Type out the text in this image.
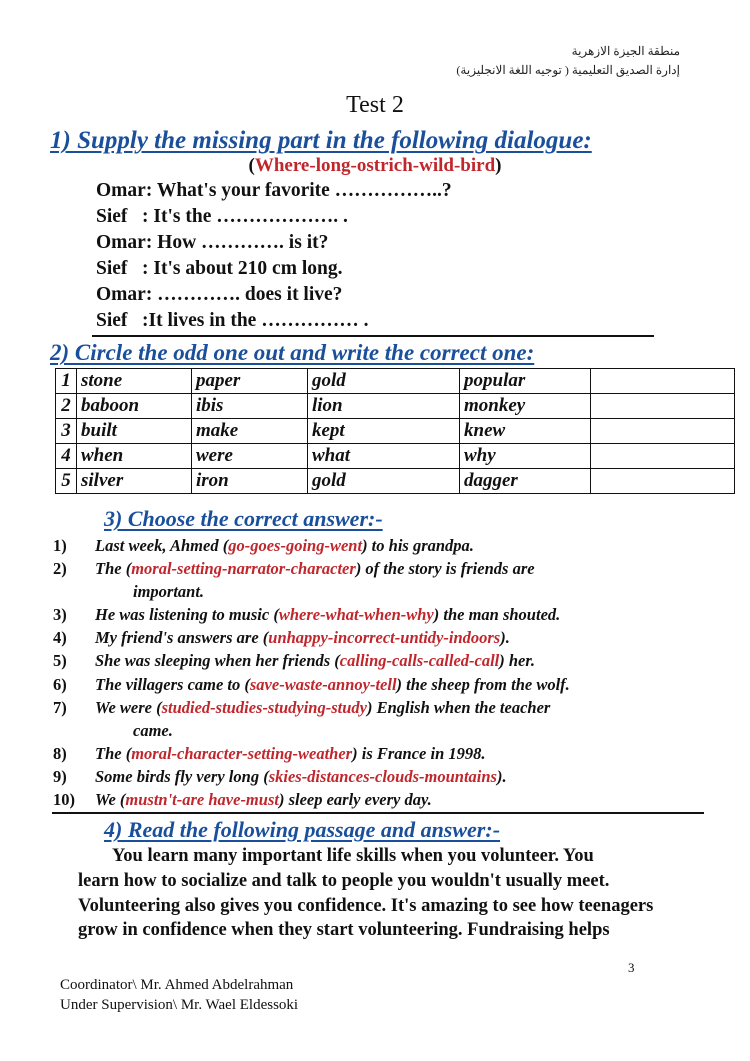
منطقة الجيزة الازهرية
إدارة الصديق التعليمية ( توجيه اللغة الانجليزية)
Test 2
1) Supply the missing part in the following dialogue:
(Where-long-ostrich-wild-bird)
Omar: What's your favorite ……………..?
Sief   : It's the ………………. .
Omar: How …………. is it?
Sief   : It's about 210 cm long.
Omar: …………. does it live?
Sief   :It lives in the …………… .
2) Circle the odd one out and write the correct one:
1	stone	paper	gold	popular	
2	baboon	ibis	lion	monkey	
3	built	make	kept	knew	
4	when	were	what	why	
5	silver	iron	gold	dagger	
3) Choose the correct answer:-
1) Last week, Ahmed (go-goes-going-went) to his grandpa.
2) The (moral-setting-narrator-character) of the story is friends are
important.
3) He was listening to music (where-what-when-why) the man shouted.
4) My friend's answers are (unhappy-incorrect-untidy-indoors).
5) She was sleeping when her friends (calling-calls-called-call) her.
6) The villagers came to (save-waste-annoy-tell) the sheep from the wolf.
7) We were (studied-studies-studying-study) English when the teacher
came.
8) The (moral-character-setting-weather) is France in 1998.
9) Some birds fly very long (skies-distances-clouds-mountains).
10) We (mustn't-are have-must) sleep early every day.
4) Read the following passage and answer:-
You learn many important life skills when you volunteer. You
learn how to socialize and talk to people you wouldn't usually meet.
Volunteering also gives you confidence. It's amazing to see how teenagers
grow in confidence when they start volunteering. Fundraising helps
3
Coordinator\ Mr. Ahmed Abdelrahman
Under Supervision\ Mr. Wael Eldessoki
